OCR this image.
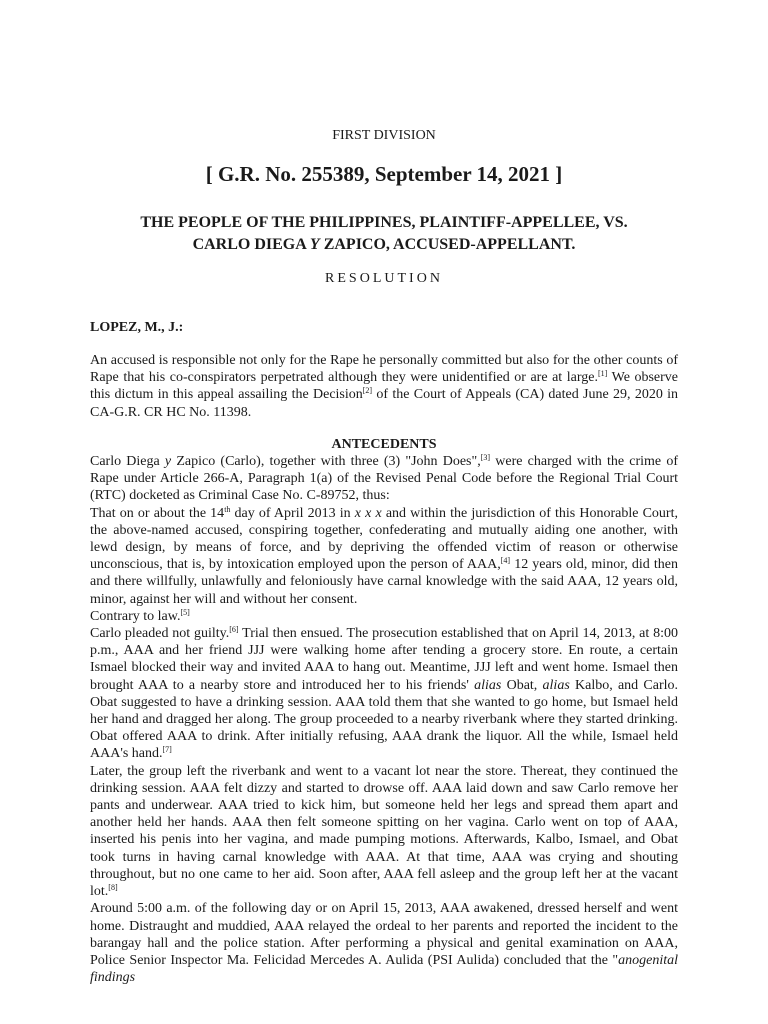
FIRST DIVISION
[ G.R. No. 255389, September 14, 2021 ]
THE PEOPLE OF THE PHILIPPINES, PLAINTIFF-APPELLEE, VS.
CARLO DIEGA Y ZAPICO, ACCUSED-APPELLANT.
RESOLUTION
LOPEZ, M., J.:

An accused is responsible not only for the Rape he personally committed but also for the other counts of Rape that his co-conspirators perpetrated although they were unidentified or are at large.[1] We observe this dictum in this appeal assailing the Decision[2] of the Court of Appeals (CA) dated June 29, 2020 in CA-G.R. CR HC No. 11398.

ANTECEDENTS

Carlo Diega y Zapico (Carlo), together with three (3) "John Does",[3] were charged with the crime of Rape under Article 266-A, Paragraph 1(a) of the Revised Penal Code before the Regional Trial Court (RTC) docketed as Criminal Case No. C-89752, thus:

That on or about the 14th day of April 2013 in x x x and within the jurisdiction of this Honorable Court, the above-named accused, conspiring together, confederating and mutually aiding one another, with lewd design, by means of force, and by depriving the offended victim of reason or otherwise unconscious, that is, by intoxication employed upon the person of AAA,[4] 12 years old, minor, did then and there willfully, unlawfully and feloniously have carnal knowledge with the said AAA, 12 years old, minor, against her will and without her consent.

Contrary to law.[5]

Carlo pleaded not guilty.[6] Trial then ensued. The prosecution established that on April 14, 2013, at 8:00 p.m., AAA and her friend JJJ were walking home after tending a grocery store. En route, a certain Ismael blocked their way and invited AAA to hang out. Meantime, JJJ left and went home. Ismael then brought AAA to a nearby store and introduced her to his friends' alias Obat, alias Kalbo, and Carlo. Obat suggested to have a drinking session. AAA told them that she wanted to go home, but Ismael held her hand and dragged her along. The group proceeded to a nearby riverbank where they started drinking. Obat offered AAA to drink. After initially refusing, AAA drank the liquor. All the while, Ismael held AAA's hand.[7]

Later, the group left the riverbank and went to a vacant lot near the store. Thereat, they continued the drinking session. AAA felt dizzy and started to drowse off. AAA laid down and saw Carlo remove her pants and underwear. AAA tried to kick him, but someone held her legs and spread them apart and another held her hands. AAA then felt someone spitting on her vagina. Carlo went on top of AAA, inserted his penis into her vagina, and made pumping motions. Afterwards, Kalbo, Ismael, and Obat took turns in having carnal knowledge with AAA. At that time, AAA was crying and shouting throughout, but no one came to her aid. Soon after, AAA fell asleep and the group left her at the vacant lot.[8]

Around 5:00 a.m. of the following day or on April 15, 2013, AAA awakened, dressed herself and went home. Distraught and muddied, AAA relayed the ordeal to her parents and reported the incident to the barangay hall and the police station. After performing a physical and genital examination on AAA, Police Senior Inspector Ma. Felicidad Mercedes A. Aulida (PSI Aulida) concluded that the "anogenital findings
